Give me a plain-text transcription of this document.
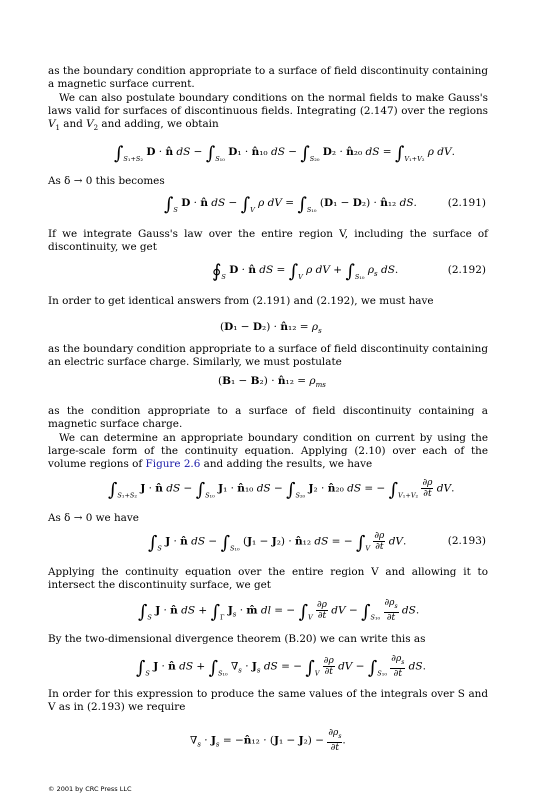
as the boundary condition appropriate to a surface of field discontinuity containing a magnetic surface current.

We can also postulate boundary conditions on the normal fields to make Gauss's laws valid for surfaces of discontinuous fields. Integrating (2.147) over the regions $V_1$ and $V_2$ and adding, we obtain

$\int_{S_1+S_2}$ D · n̂ dS − $\int_{S_{10}}$ D₁ · n̂₁₀ dS − $\int_{S_{20}}$ D₂ · n̂₂₀ dS = $\int_{V_1+V_2}$ ρ dV.

As δ → 0 this becomes

$\int_S$ D · n̂ dS − $\int_V$ ρ dV = $\int_{S_{10}}$ (D₁ − D₂) · n̂₁₂ dS.	(2.191)

If we integrate Gauss's law over the entire region V, including the surface of discontinuity, we get

$∮_S$ D · n̂ dS = $\int_V$ ρ dV + $\int_{S_{10}}$ $\rho_s$ dS.	(2.192)

In order to get identical answers from (2.191) and (2.192), we must have

(D₁ − D₂) · n̂₁₂ = $\rho_s$

as the boundary condition appropriate to a surface of field discontinuity containing an electric surface charge. Similarly, we must postulate

(B₁ − B₂) · n̂₁₂ = $\rho_{ms}$

as the condition appropriate to a surface of field discontinuity containing a magnetic surface charge.

We can determine an appropriate boundary condition on current by using the large-scale form of the continuity equation. Applying (2.10) over each of the volume regions of Figure 2.6 and adding the results, we have

$\int_{S_1+S_2}$ J · n̂ dS − $\int_{S_{10}}$ J₁ · n̂₁₀ dS − $\int_{S_{20}}$ J₂ · n̂₂₀ dS = − $\int_{V_1+V_2} \frac{\partial\rho}{\partial t}$ dV.

As δ → 0 we have

$\int_S$ J · n̂ dS − $\int_{S_{10}}$ (J₁ − J₂) · n̂₁₂ dS = − $\int_V \frac{\partial\rho}{\partial t}$ dV.	(2.193)

Applying the continuity equation over the entire region V and allowing it to intersect the discontinuity surface, we get

$\int_S$ J · n̂ dS + $\int_\Gamma$ $J_s$ · m̂ dl = − $\int_V \frac{\partial\rho}{\partial t}$ dV − $\int_{S_{10}} \frac{\partial\rho_s}{\partial t}$ dS.

By the two-dimensional divergence theorem (B.20) we can write this as

$\int_S$ J · n̂ dS + $\int_{S_{10}}$ $\nabla_s \cdot J_s$ dS = − $\int_V \frac{\partial\rho}{\partial t}$ dV − $\int_{S_{10}} \frac{\partial\rho_s}{\partial t}$ dS.

In order for this expression to produce the same values of the integrals over S and V as in (2.193) we require

$\nabla_s \cdot J_s$ = −n̂₁₂ · $(J_1 - J_2) - \frac{\partial\rho_s}{\partial t}$ .
© 2001 by CRC Press LLC
